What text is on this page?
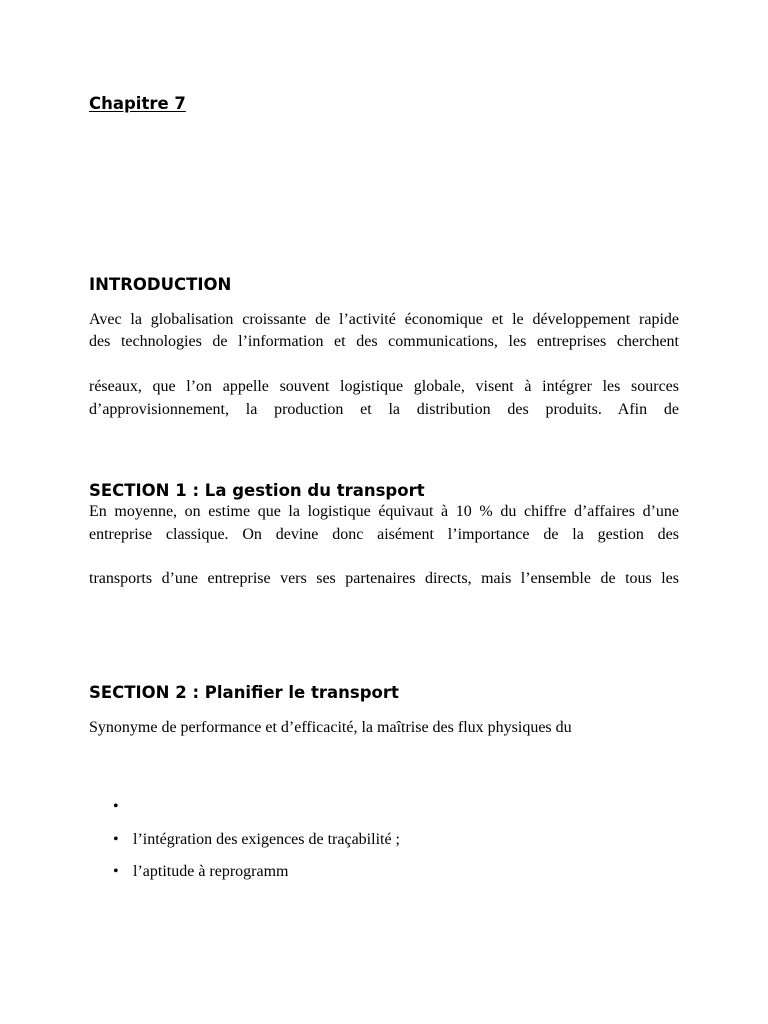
Chapitre 7
INTRODUCTION
Avec la globalisation croissante de l’activité économique et le développement rapide
des technologies de l’information et des communications, les entreprises cherchent
réseaux, que l’on appelle souvent logistique globale, visent à intégrer les sources
d’approvisionnement, la production et la distribution des produits. Afin de
SECTION 1 : La gestion du transport
En moyenne, on estime que la logistique équivaut à 10 % du chiffre d’affaires d’une
entreprise classique. On devine donc aisément l’importance de la gestion des
transports d’une entreprise vers ses partenaires directs, mais l’ensemble de tous les
SECTION 2 : Planifier le transport
Synonyme de performance et d’efficacité, la maîtrise des flux physiques du
•
• l’intégration des exigences de traçabilité ;
• l’aptitude à reprogramm
